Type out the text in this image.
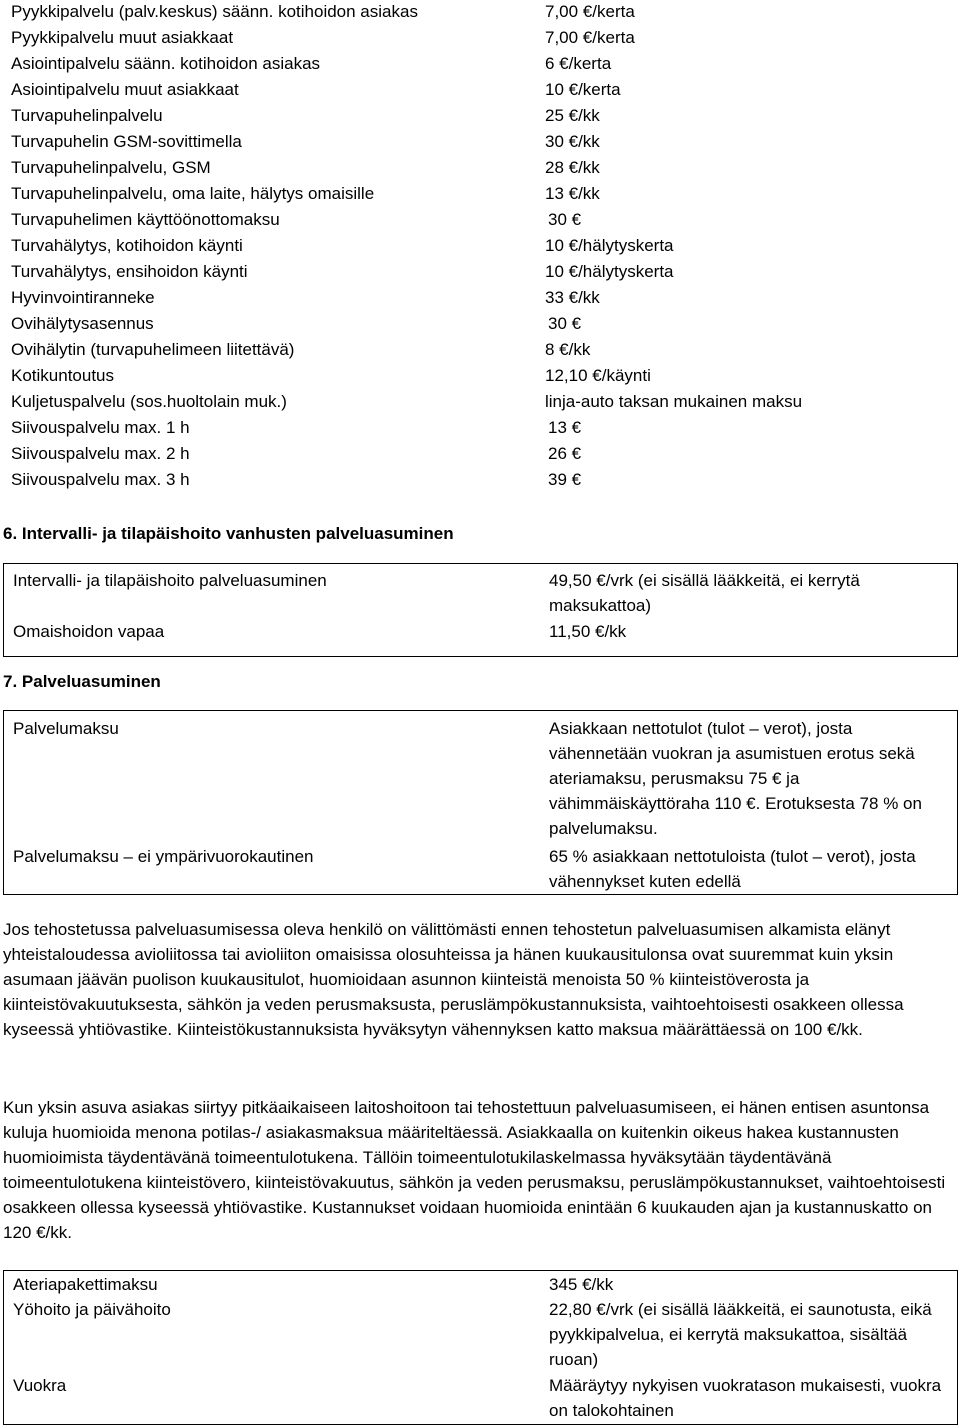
Pyykkipalvelu (palv.keskus) säänn. kotihoidon asiakas	7,00 €/kerta
Pyykkipalvelu muut asiakkaat	7,00 €/kerta
Asiointipalvelu säänn. kotihoidon asiakas	6 €/kerta
Asiointipalvelu muut asiakkaat	10 €/kerta
Turvapuhelinpalvelu	25 €/kk
Turvapuhelin GSM-sovittimella	30 €/kk
Turvapuhelinpalvelu, GSM	28 €/kk
Turvapuhelinpalvelu, oma laite, hälytys omaisille	13 €/kk
Turvapuhelimen käyttöönottomaksu	30 €
Turvahälytys, kotihoidon käynti	10 €/hälytyskerta
Turvahälytys, ensihoidon käynti	10 €/hälytyskerta
Hyvinvointiranneke	33 €/kk
Ovihälytysasennus	30 €
Ovihälytin (turvapuhelimeen liitettävä)	8 €/kk
Kotikuntoutus	12,10 €/käynti
Kuljetuspalvelu (sos.huoltolain muk.)	linja-auto taksan mukainen maksu
Siivouspalvelu max. 1 h	13 €
Siivouspalvelu max. 2 h	26 €
Siivouspalvelu max. 3 h	39 €
6. Intervalli- ja tilapäishoito vanhusten palveluasuminen
Intervalli- ja tilapäishoito palveluasuminen	49,50 €/vrk (ei sisällä lääkkeitä, ei kerrytä maksukattoa)
Omaishoidon vapaa	11,50 €/kk
7. Palveluasuminen
Palvelumaksu	Asiakkaan nettotulot (tulot – verot), josta vähennetään vuokran ja asumistuen erotus sekä ateriamaksu, perusmaksu 75 € ja vähimmäiskäyttöraha 110 €. Erotuksesta 78 % on palvelumaksu.
Palvelumaksu – ei ympärivuorokautinen	65 % asiakkaan nettotuloista (tulot – verot), josta vähennykset kuten edellä
Jos tehostetussa palveluasumisessa oleva henkilö on välittömästi ennen tehostetun palveluasumisen alkamista elänyt yhteistaloudessa avioliitossa tai avioliiton omaisissa olosuhteissa ja hänen kuukausitulonsa ovat suuremmat kuin yksin asumaan jäävän puolison kuukausitulot, huomioidaan asunnon kiinteistä menoista 50 % kiinteistöverosta ja kiinteistövakuutuksesta, sähkön ja veden perusmaksusta, peruslämpökustannuksista, vaihtoehtoisesti osakkeen ollessa kyseessä yhtiövastike. Kiinteistökustannuksista hyväksytyn vähennyksen katto maksua määrättäessä on 100 €/kk.
Kun yksin asuva asiakas siirtyy pitkäaikaiseen laitoshoitoon tai tehostettuun palveluasumiseen, ei hänen entisen asuntonsa kuluja huomioida menona potilas-/ asiakasmaksua määriteltäessä. Asiakkaalla on kuitenkin oikeus hakea kustannusten huomioimista täydentävänä toimeentulotukena. Tällöin toimeentulotukilaskelmassa hyväksytään täydentävänä toimeentulotukena kiinteistövero, kiinteistövakuutus, sähkön ja veden perusmaksu, peruslämpökustannukset, vaihtoehtoisesti osakkeen ollessa kyseessä yhtiövastike. Kustannukset voidaan huomioida enintään 6 kuukauden ajan ja kustannuskatto on 120 €/kk.
Ateriapakettimaksu	345 €/kk
Yöhoito ja päivähoito	22,80 €/vrk (ei sisällä lääkkeitä, ei saunotusta, eikä pyykkipalvelua, ei kerrytä maksukattoa, sisältää ruoan)
Vuokra	Määräytyy nykyisen vuokratason mukaisesti, vuokra on talokohtainen
